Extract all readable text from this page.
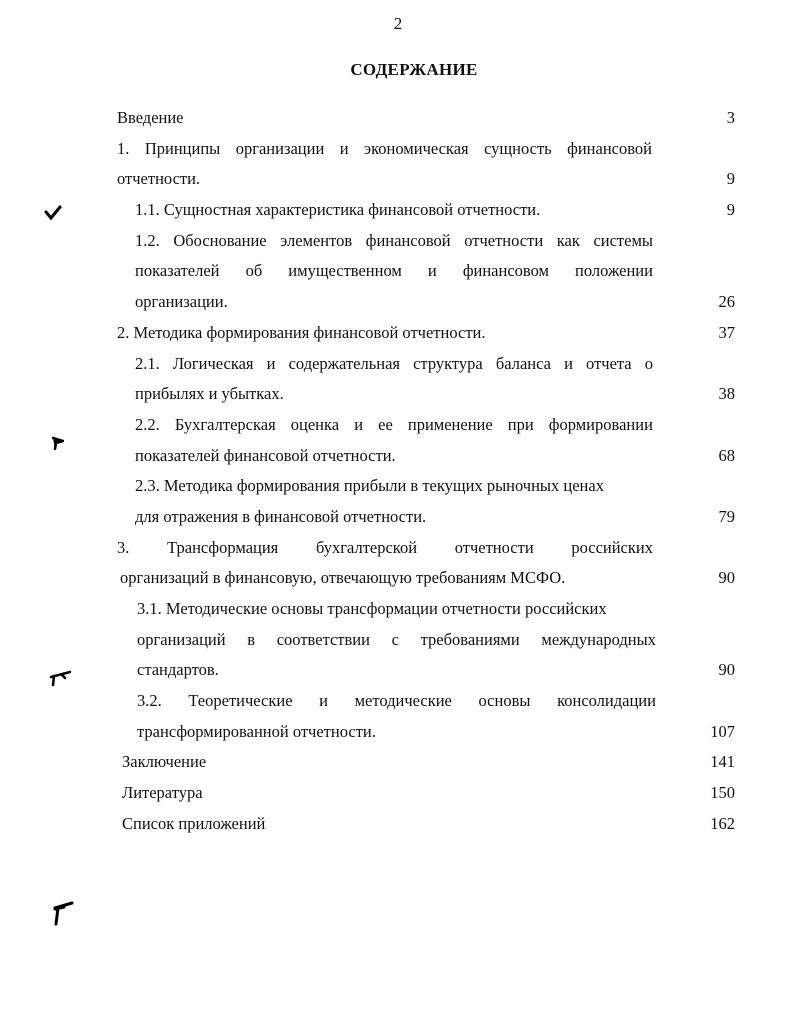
2
СОДЕРЖАНИЕ
Введение	3
1. Принципы организации и экономическая сущность финансовой
отчетности.	9
1.1. Сущностная характеристика финансовой отчетности.	9
1.2. Обоснование элементов финансовой отчетности как системы
показателей об имущественном и финансовом положении
организации.	26
2. Методика формирования финансовой отчетности.	37
2.1. Логическая и содержательная структура баланса и отчета о
прибылях и убытках.	38
2.2. Бухгалтерская оценка и ее применение при формировании
показателей финансовой отчетности.	68
2.3. Методика формирования прибыли в текущих рыночных ценах
для отражения в финансовой отчетности.	79
3. Трансформация бухгалтерской отчетности российских
организаций в финансовую, отвечающую требованиям МСФО.	90
3.1. Методические основы трансформации отчетности российских
организаций в соответствии с требованиями международных
стандартов.	90
3.2. Теоретические и методические основы консолидации
трансформированной отчетности.	107
Заключение	141
Литература	150
Список приложений	162
